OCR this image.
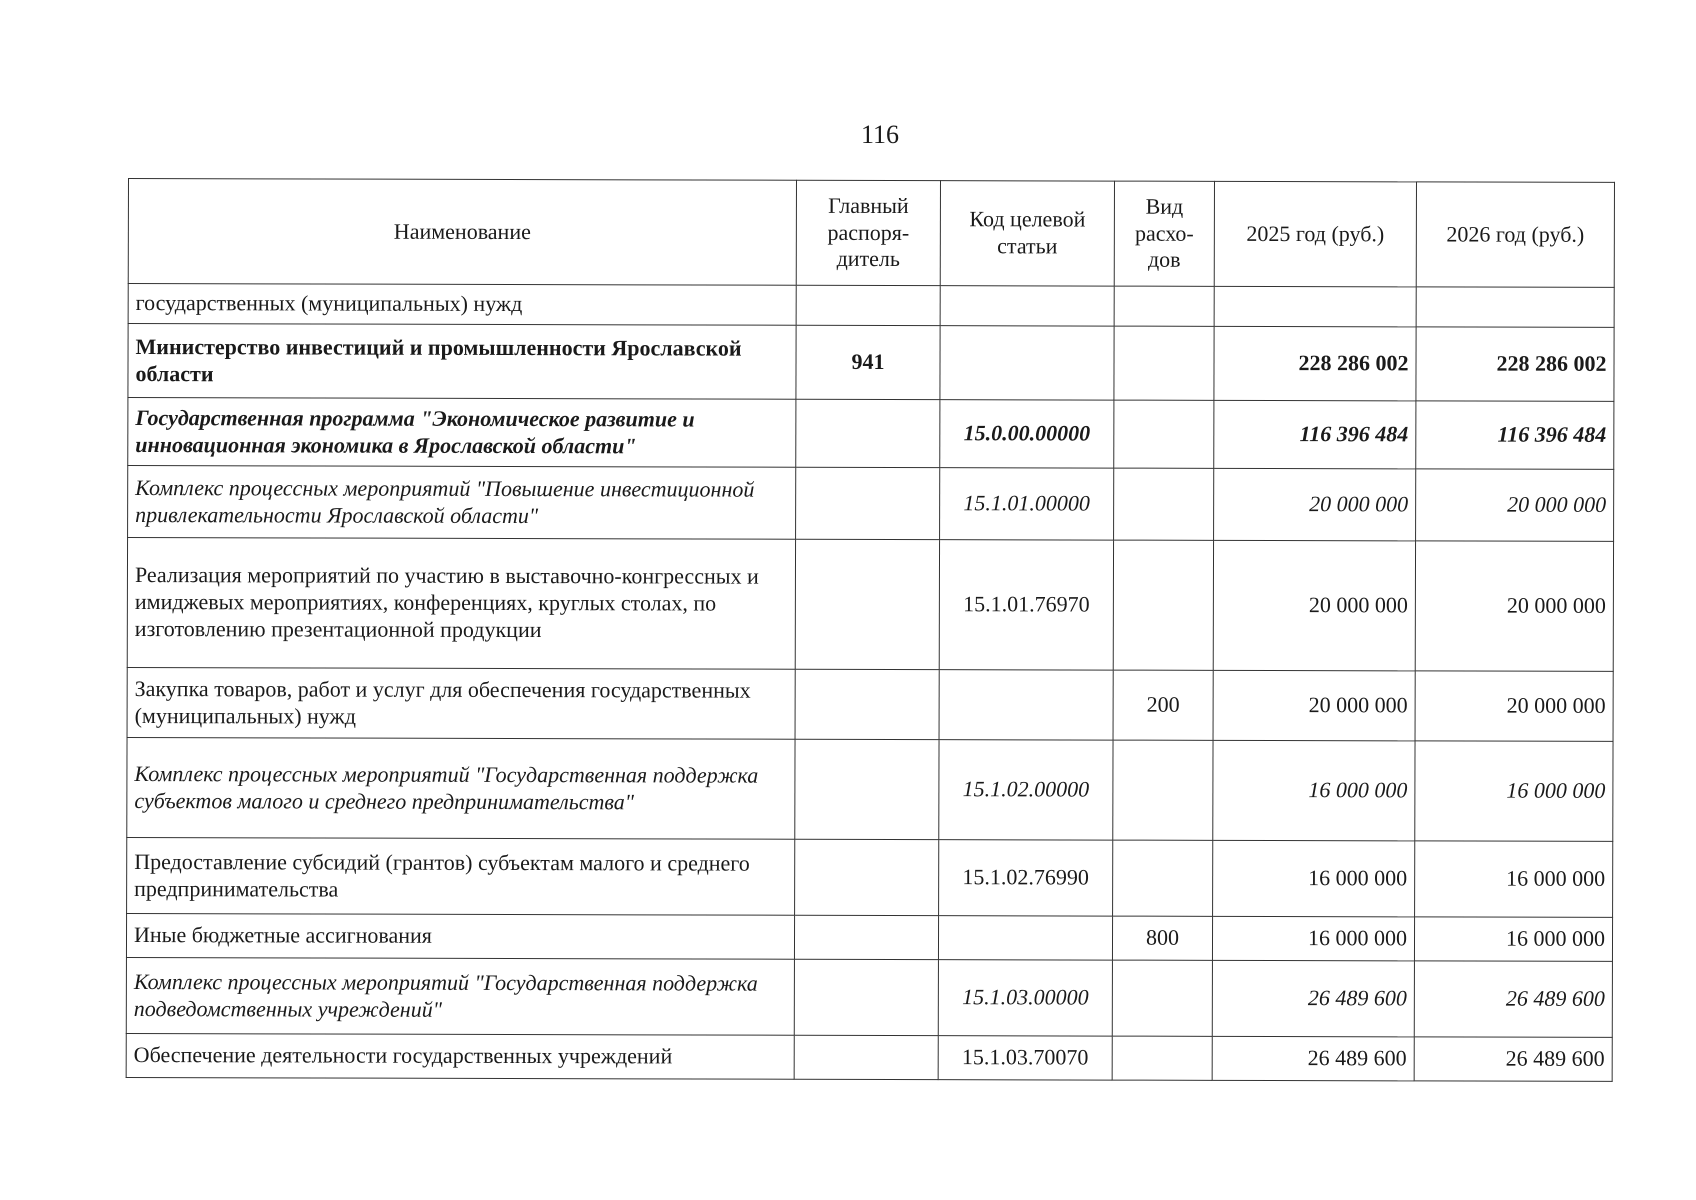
116
Наименование	Главный распоря-дитель	Код целевой статьи	Вид расхо-дов	2025 год (руб.)	2026 год (руб.)
государственных (муниципальных) нужд					
Министерство инвестиций и промышленности Ярославской области	941			228 286 002	228 286 002
Государственная программа "Экономическое развитие и инновационная экономика в Ярославской области"		15.0.00.00000		116 396 484	116 396 484
Комплекс процессных мероприятий "Повышение инвестиционной привлекательности Ярославской области"		15.1.01.00000		20 000 000	20 000 000
Реализация мероприятий по участию в выставочно-конгрессных и имиджевых мероприятиях, конференциях, круглых столах, по изготовлению презентационной продукции		15.1.01.76970		20 000 000	20 000 000
Закупка товаров, работ и услуг для обеспечения государственных (муниципальных) нужд			200	20 000 000	20 000 000
Комплекс процессных мероприятий "Государственная поддержка субъектов малого и среднего предпринимательства"		15.1.02.00000		16 000 000	16 000 000
Предоставление субсидий (грантов) субъектам малого и среднего предпринимательства		15.1.02.76990		16 000 000	16 000 000
Иные бюджетные ассигнования			800	16 000 000	16 000 000
Комплекс процессных мероприятий "Государственная поддержка подведомственных учреждений"		15.1.03.00000		26 489 600	26 489 600
Обеспечение деятельности государственных учреждений		15.1.03.70070		26 489 600	26 489 600
